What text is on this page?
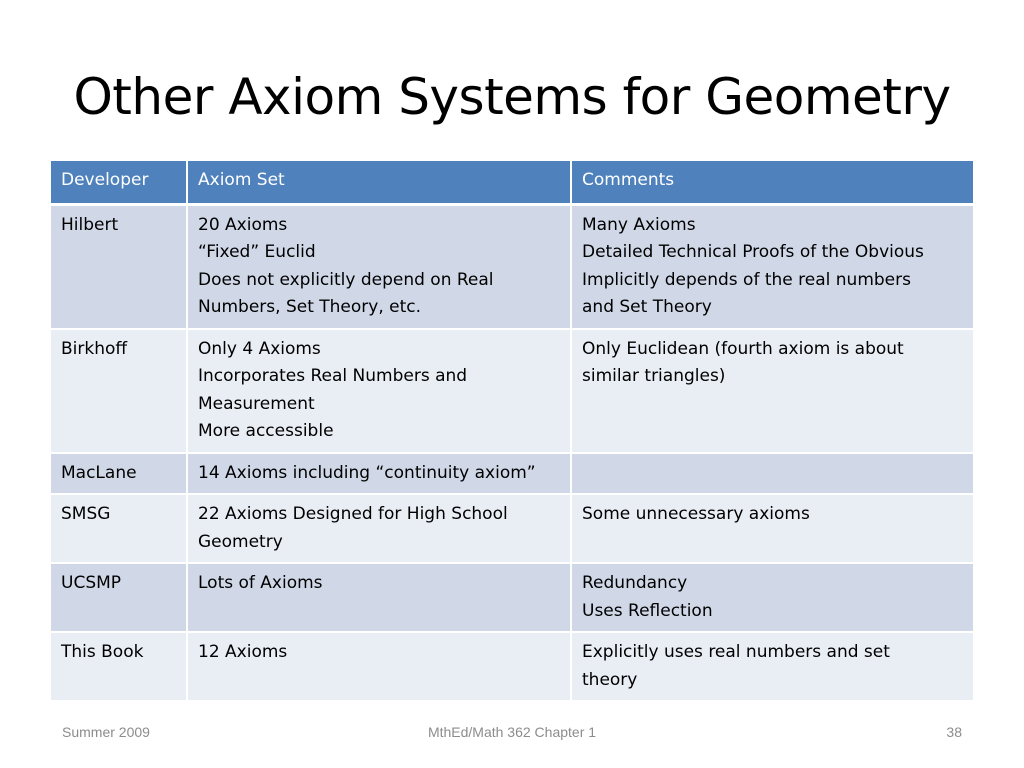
Other Axiom Systems for Geometry
Developer	Axiom Set	Comments
Hilbert	20 Axioms
“Fixed” Euclid
Does not explicitly depend on Real
Numbers, Set Theory, etc.	Many Axioms
Detailed Technical Proofs of the Obvious
Implicitly depends of the real numbers
and Set Theory

Birkhoff	Only 4 Axioms
Incorporates Real Numbers and
Measurement
More accessible	Only Euclidean (fourth axiom is about
similar triangles)

MacLane	14 Axioms including “continuity axiom”	

SMSG	22 Axioms Designed for High School
Geometry	Some unnecessary axioms

UCSMP	Lots of Axioms	Redundancy
Uses Reflection

This Book	12 Axioms	Explicitly uses real numbers and set
theory
Summer 2009	MthEd/Math 362 Chapter 1	38
